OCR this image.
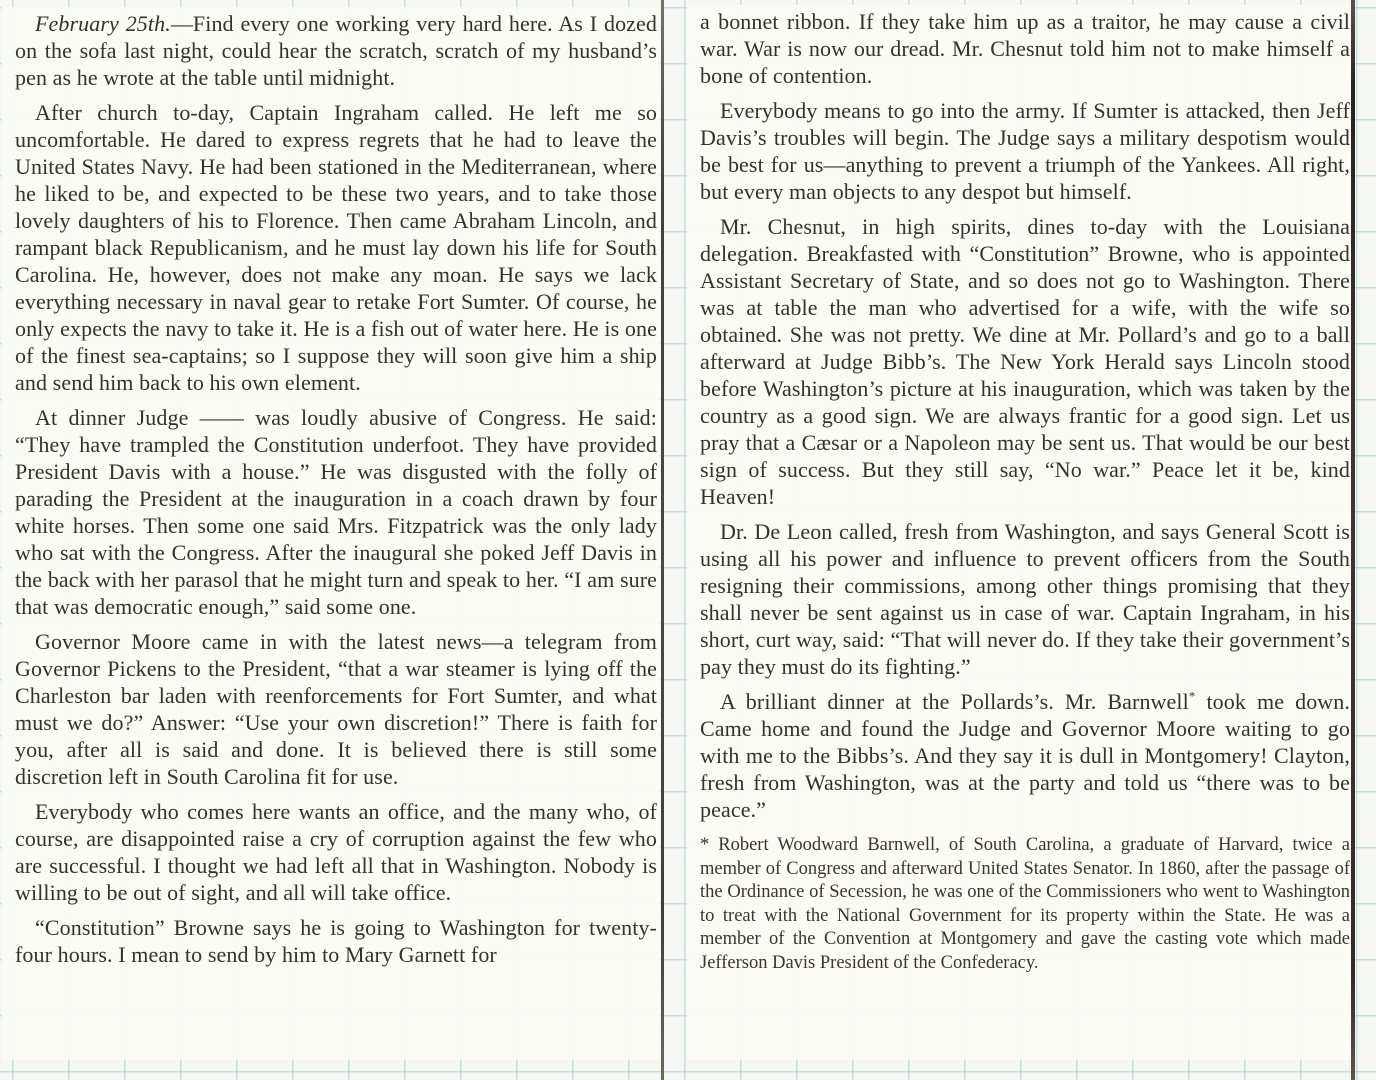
February 25th.—Find every one working very hard here. As I dozed on the sofa last night, could hear the scratch, scratch of my husband’s pen as he wrote at the table until midnight.

After church to-day, Captain Ingraham called. He left me so uncomfortable. He dared to express regrets that he had to leave the United States Navy. He had been stationed in the Mediterranean, where he liked to be, and expected to be these two years, and to take those lovely daughters of his to Florence. Then came Abraham Lincoln, and rampant black Republicanism, and he must lay down his life for South Carolina. He, however, does not make any moan. He says we lack everything necessary in naval gear to retake Fort Sumter. Of course, he only expects the navy to take it. He is a fish out of water here. He is one of the finest sea-captains; so I suppose they will soon give him a ship and send him back to his own element.

At dinner Judge —— was loudly abusive of Congress. He said: “They have trampled the Constitution underfoot. They have provided President Davis with a house.” He was disgusted with the folly of parading the President at the inauguration in a coach drawn by four white horses. Then some one said Mrs. Fitzpatrick was the only lady who sat with the Congress. After the inaugural she poked Jeff Davis in the back with her parasol that he might turn and speak to her. “I am sure that was democratic enough,” said some one.

Governor Moore came in with the latest news—a telegram from Governor Pickens to the President, “that a war steamer is lying off the Charleston bar laden with reenforcements for Fort Sumter, and what must we do?” Answer: “Use your own discretion!” There is faith for you, after all is said and done. It is believed there is still some discretion left in South Carolina fit for use.

Everybody who comes here wants an office, and the many who, of course, are disappointed raise a cry of corruption against the few who are successful. I thought we had left all that in Washington. Nobody is willing to be out of sight, and all will take office.

“Constitution” Browne says he is going to Washington for twenty-four hours. I mean to send by him to Mary Garnett for

a bonnet ribbon. If they take him up as a traitor, he may cause a civil war. War is now our dread. Mr. Chesnut told him not to make himself a bone of contention.

Everybody means to go into the army. If Sumter is attacked, then Jeff Davis’s troubles will begin. The Judge says a military despotism would be best for us—anything to prevent a triumph of the Yankees. All right, but every man objects to any despot but himself.

Mr. Chesnut, in high spirits, dines to-day with the Louisiana delegation. Breakfasted with “Constitution” Browne, who is appointed Assistant Secretary of State, and so does not go to Washington. There was at table the man who advertised for a wife, with the wife so obtained. She was not pretty. We dine at Mr. Pollard’s and go to a ball afterward at Judge Bibb’s. The New York Herald says Lincoln stood before Washington’s picture at his inauguration, which was taken by the country as a good sign. We are always frantic for a good sign. Let us pray that a Cæsar or a Napoleon may be sent us. That would be our best sign of success. But they still say, “No war.” Peace let it be, kind Heaven!

Dr. De Leon called, fresh from Washington, and says General Scott is using all his power and influence to prevent officers from the South resigning their commissions, among other things promising that they shall never be sent against us in case of war. Captain Ingraham, in his short, curt way, said: “That will never do. If they take their government’s pay they must do its fighting.”

A brilliant dinner at the Pollards’s. Mr. Barnwell* took me down. Came home and found the Judge and Governor Moore waiting to go with me to the Bibbs’s. And they say it is dull in Montgomery! Clayton, fresh from Washington, was at the party and told us “there was to be peace.”

* Robert Woodward Barnwell, of South Carolina, a graduate of Harvard, twice a member of Congress and afterward United States Senator. In 1860, after the passage of the Ordinance of Secession, he was one of the Commissioners who went to Washington to treat with the National Government for its property within the State. He was a member of the Convention at Montgomery and gave the casting vote which made Jefferson Davis President of the Confederacy.
